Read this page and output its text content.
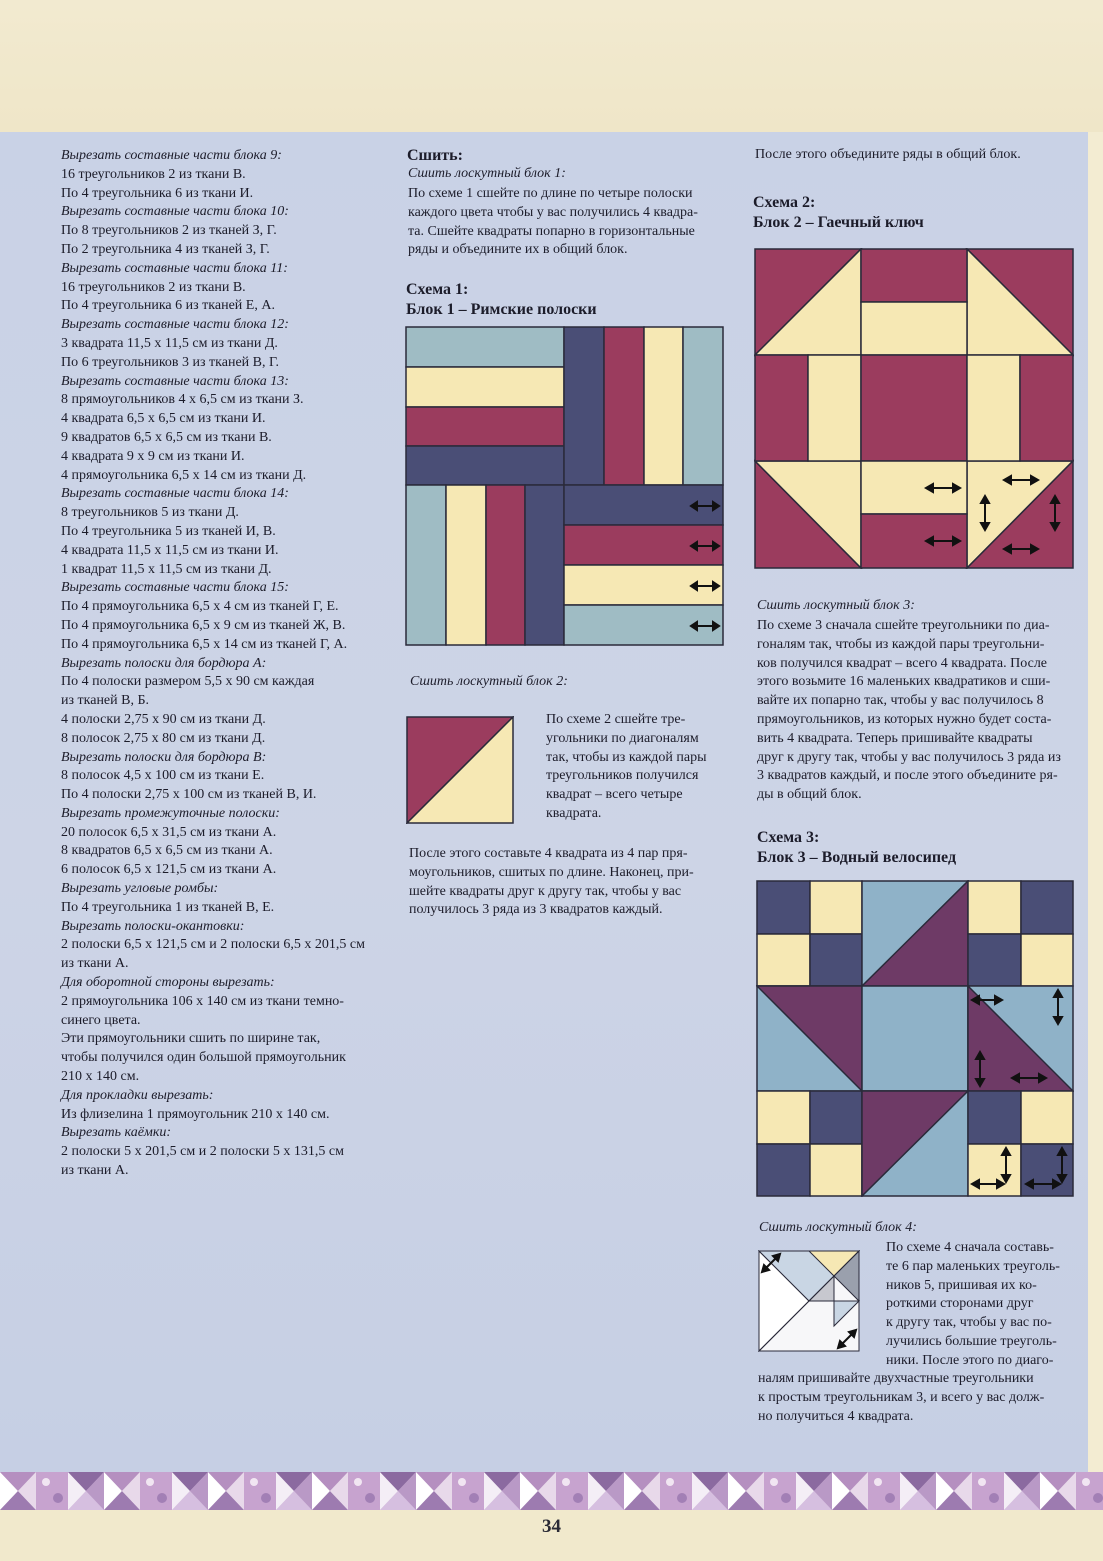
Вырезать составные части блока 9:

16 треугольников 2 из ткани В.

По 4 треугольника 6 из ткани И.

Вырезать составные части блока 10:

По 8 треугольников 2 из тканей З, Г.

По 2 треугольника 4 из тканей З, Г.

Вырезать составные части блока 11:

16 треугольников 2 из ткани В.

По 4 треугольника 6 из тканей Е, А.

Вырезать составные части блока 12:

3 квадрата 11,5 x 11,5 см из ткани Д.

По 6 треугольников 3 из тканей В, Г.

Вырезать составные части блока 13:

8 прямоугольников 4 x 6,5 см из ткани З.

4 квадрата 6,5 x 6,5 см из ткани И.

9 квадратов 6,5 x 6,5 см из ткани В.

4 квадрата 9 x 9 см из ткани И.

4 прямоугольника 6,5 x 14 см из ткани Д.

Вырезать составные части блока 14:

8 треугольников 5 из ткани Д.

По 4 треугольника 5 из тканей И, В.

4 квадрата 11,5 x 11,5 см из ткани И.

1 квадрат 11,5 x 11,5 см из ткани Д.

Вырезать составные части блока 15:

По 4 прямоугольника 6,5 x 4 см из тканей Г, Е.

По 4 прямоугольника 6,5 x 9 см из тканей Ж, В.

По 4 прямоугольника 6,5 x 14 см из тканей Г, А.

Вырезать полоски для бордюра А:

По 4 полоски размером 5,5 x 90 см каждая

из тканей В, Б.

4 полоски 2,75 x 90 см из ткани Д.

8 полосок 2,75 x 80 см из ткани Д.

Вырезать полоски для бордюра В:

8 полосок 4,5 x 100 см из ткани Е.

По 4 полоски 2,75 x 100 см из тканей В, И.

Вырезать промежуточные полоски:

20 полосок 6,5 x 31,5 см из ткани А.

8 квадратов 6,5 x 6,5 см из ткани А.

6 полосок 6,5 x 121,5 см из ткани А.

Вырезать угловые ромбы:

По 4 треугольника 1 из тканей В, Е.

Вырезать полоски-окантовки:

2 полоски 6,5 x 121,5 см и 2 полоски 6,5 x 201,5 см

из ткани А.

Для оборотной стороны вырезать:

2 прямоугольника 106 x 140 см из ткани темно-

синего цвета.

Эти прямоугольники сшить по ширине так,

чтобы получился один большой прямоугольник

210 x 140 см.

Для прокладки вырезать:

Из флизелина 1 прямоугольник 210 x 140 см.

Вырезать каёмки:

2 полоски 5 x 201,5 см и 2 полоски 5 x 131,5 см

из ткани А.

Сшить:
Сшить лоскутный блок 1:
По схеме 1 сшейте по длине по четыре полоски
каждого цвета чтобы у вас получились 4 квадра-
та. Сшейте квадраты попарно в горизонтальные
ряды и объедините их в общий блок.
Схема 1:
Блок 1 – Римские полоски
Сшить лоскутный блок 2:
По схеме 2 сшейте тре-
угольники по диагоналям
так, чтобы из каждой пары
треугольников получился
квадрат – всего четыре
квадрата.
После этого составьте 4 квадрата из 4 пар пря-
моугольников, сшитых по длине. Наконец, при-
шейте квадраты друг к другу так, чтобы у вас
получилось 3 ряда из 3 квадратов каждый.
После этого объедините ряды в общий блок.
Схема 2:
Блок 2 – Гаечный ключ
Сшить лоскутный блок 3:
По схеме 3 сначала сшейте треугольники по диа-
гоналям так, чтобы из каждой пары треугольни-
ков получился квадрат – всего 4 квадрата. После
этого возьмите 16 маленьких квадратиков и сши-
вайте их попарно так, чтобы у вас получилось 8
прямоугольников, из которых нужно будет соста-
вить 4 квадрата. Теперь пришивайте квадраты
друг к другу так, чтобы у вас получилось 3 ряда из
3 квадратов каждый, и после этого объедините ря-
ды в общий блок.
Схема 3:
Блок 3 – Водный велосипед
Сшить лоскутный блок 4:
По схеме 4 сначала составь-
те 6 пар маленьких треуголь-
ников 5, пришивая их ко-
роткими сторонами друг
к другу так, чтобы у вас по-
лучились большие треуголь-
ники. После этого по диаго-
налям пришивайте двухчастные треугольники
к простым треугольникам 3, и всего у вас долж-
но получиться 4 квадрата.
34
